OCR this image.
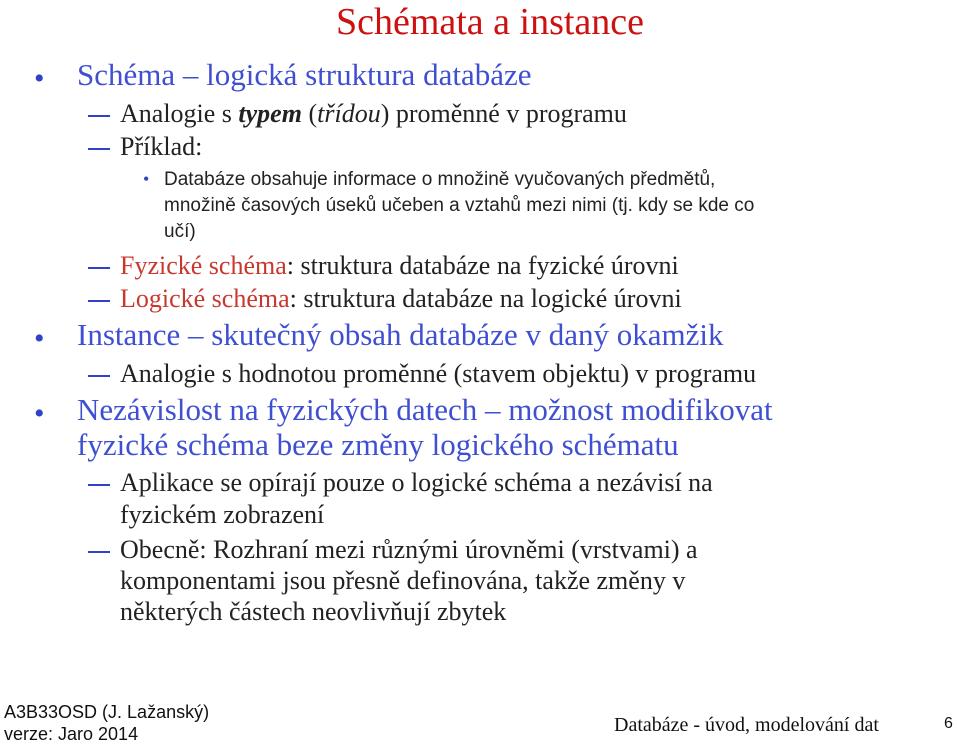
Schémata a instance
• Schéma – logická struktura databáze
Analogie s typem (třídou) proměnné v programu
Příklad:
• Databáze obsahuje informace o množině vyučovaných předmětů,
množině časových úseků učeben a vztahů mezi nimi (tj. kdy se kde co
učí)
Fyzické schéma: struktura databáze na fyzické úrovni
Logické schéma: struktura databáze na logické úrovni
• Instance – skutečný obsah databáze v daný okamžik
Analogie s hodnotou proměnné (stavem objektu) v programu
• Nezávislost na fyzických datech – možnost modifikovat
fyzické schéma beze změny logického schématu
Aplikace se opírají pouze o logické schéma a nezávisí na
fyzickém zobrazení
Obecně: Rozhraní mezi různými úrovněmi (vrstvami) a
komponentami jsou přesně definována, takže změny v
některých částech neovlivňují zbytek
A3B33OSD (J. Lažanský)
verze: Jaro 2014	Databáze - úvod, modelování dat	6
